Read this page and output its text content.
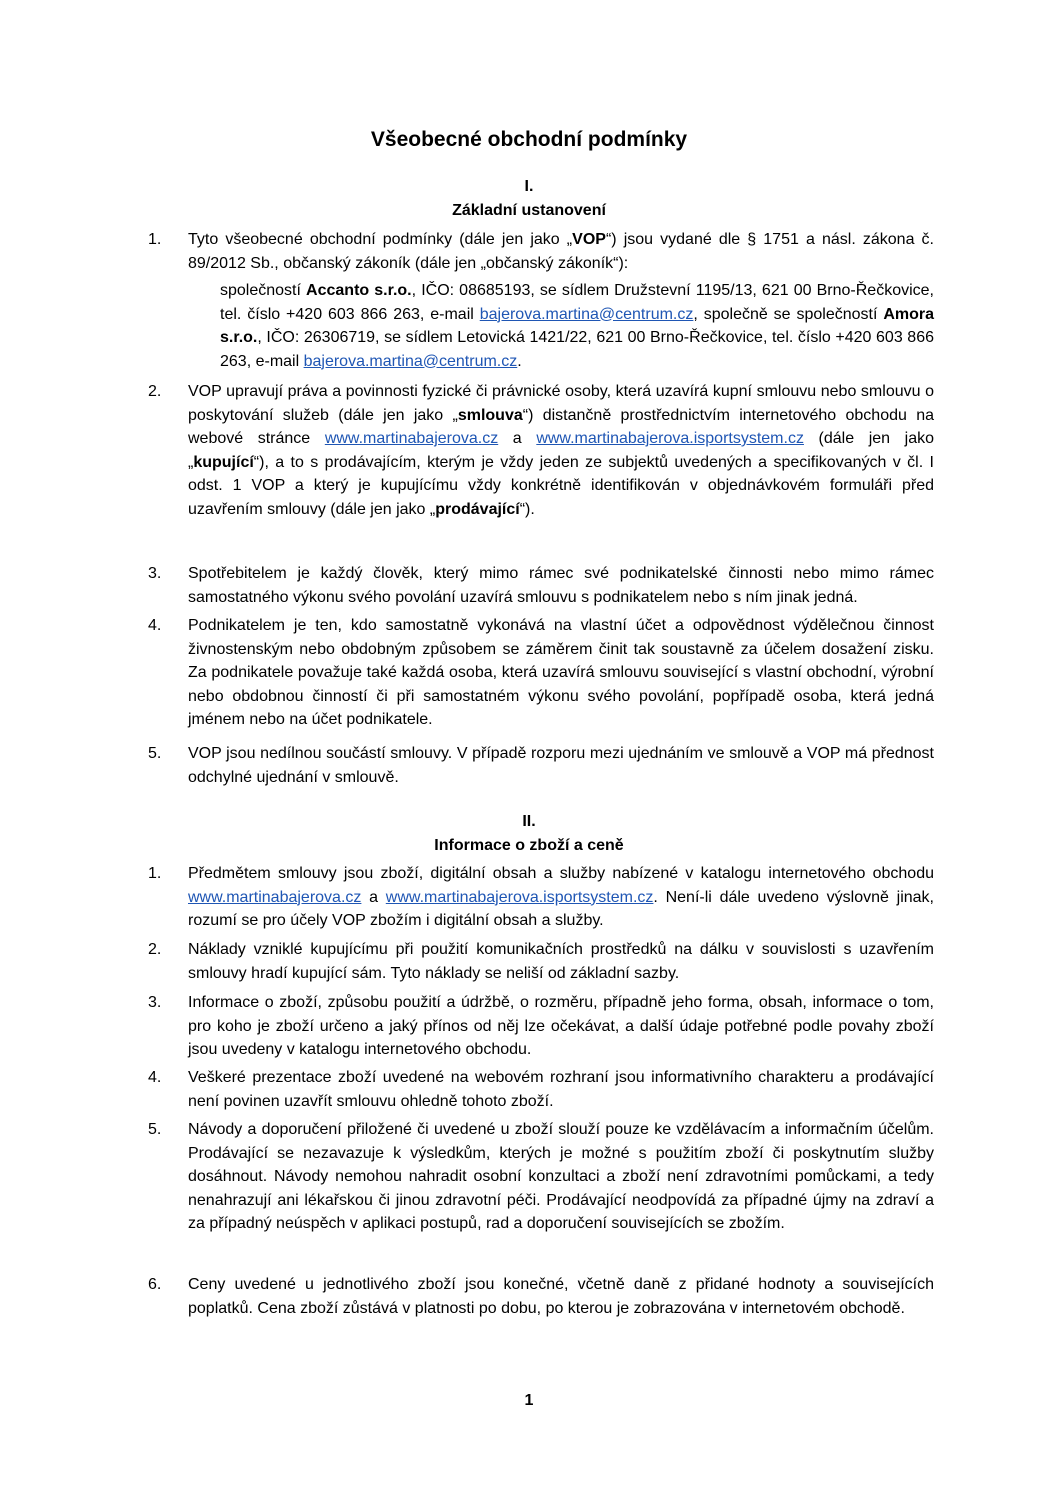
Všeobecné obchodní podmínky
I.
Základní ustanovení
1.	Tyto všeobecné obchodní podmínky (dále jen jako „VOP“) jsou vydané dle § 1751 a násl. zákona č. 89/2012 Sb., občanský zákoník (dále jen „občanský zákoník“):
společností Accanto s.r.o., IČO: 08685193, se sídlem Družstevní 1195/13, 621 00 Brno-Řečkovice, tel. číslo +420 603 866 263, e-mail bajerova.martina@centrum.cz, společně se společností Amora s.r.o., IČO: 26306719, se sídlem Letovická 1421/22, 621 00 Brno-Řečkovice, tel. číslo +420 603 866 263, e-mail bajerova.martina@centrum.cz.
2.	VOP upravují práva a povinnosti fyzické či právnické osoby, která uzavírá kupní smlouvu nebo smlouvu o poskytování služeb (dále jen jako „smlouva“) distančně prostřednictvím internetového obchodu na webové stránce www.martinabajerova.cz a www.martinabajerova.isportsystem.cz (dále jen jako „kupující“), a to s prodávajícím, kterým je vždy jeden ze subjektů uvedených a specifikovaných v čl. I odst. 1 VOP a který je kupujícímu vždy konkrétně identifikován v objednávkovém formuláři před uzavřením smlouvy (dále jen jako „prodávající“).
3.	Spotřebitelem je každý člověk, který mimo rámec své podnikatelské činnosti nebo mimo rámec samostatného výkonu svého povolání uzavírá smlouvu s podnikatelem nebo s ním jinak jedná.
4.	Podnikatelem je ten, kdo samostatně vykonává na vlastní účet a odpovědnost výdělečnou činnost živnostenským nebo obdobným způsobem se záměrem činit tak soustavně za účelem dosažení zisku. Za podnikatele považuje také každá osoba, která uzavírá smlouvu související s vlastní obchodní, výrobní nebo obdobnou činností či při samostatném výkonu svého povolání, popřípadě osoba, která jedná jménem nebo na účet podnikatele.
5.	VOP jsou nedílnou součástí smlouvy. V případě rozporu mezi ujednáním ve smlouvě a VOP má přednost odchylné ujednání v smlouvě.
II.
Informace o zboží a ceně
1.	Předmětem smlouvy jsou zboží, digitální obsah a služby nabízené v katalogu internetového obchodu www.martinabajerova.cz a www.martinabajerova.isportsystem.cz. Není-li dále uvedeno výslovně jinak, rozumí se pro účely VOP zbožím i digitální obsah a služby.
2.	Náklady vzniklé kupujícímu při použití komunikačních prostředků na dálku v souvislosti s uzavřením smlouvy hradí kupující sám. Tyto náklady se neliší od základní sazby.
3.	Informace o zboží, způsobu použití a údržbě, o rozměru, případně jeho forma, obsah, informace o tom, pro koho je zboží určeno a jaký přínos od něj lze očekávat, a další údaje potřebné podle povahy zboží jsou uvedeny v katalogu internetového obchodu.
4.	Veškeré prezentace zboží uvedené na webovém rozhraní jsou informativního charakteru a prodávající není povinen uzavřít smlouvu ohledně tohoto zboží.
5.	Návody a doporučení přiložené či uvedené u zboží slouží pouze ke vzdělávacím a informačním účelům. Prodávající se nezavazuje k výsledkům, kterých je možné s použitím zboží či poskytnutím služby dosáhnout. Návody nemohou nahradit osobní konzultaci a zboží není zdravotními pomůckami, a tedy nenahrazují ani lékařskou či jinou zdravotní péči. Prodávající neodpovídá za případné újmy na zdraví a za případný neúspěch v aplikaci postupů, rad a doporučení souvisejících se zbožím.
6.	Ceny uvedené u jednotlivého zboží jsou konečné, včetně daně z přidané hodnoty a souvisejících poplatků. Cena zboží zůstává v platnosti po dobu, po kterou je zobrazována v internetovém obchodě.
1
